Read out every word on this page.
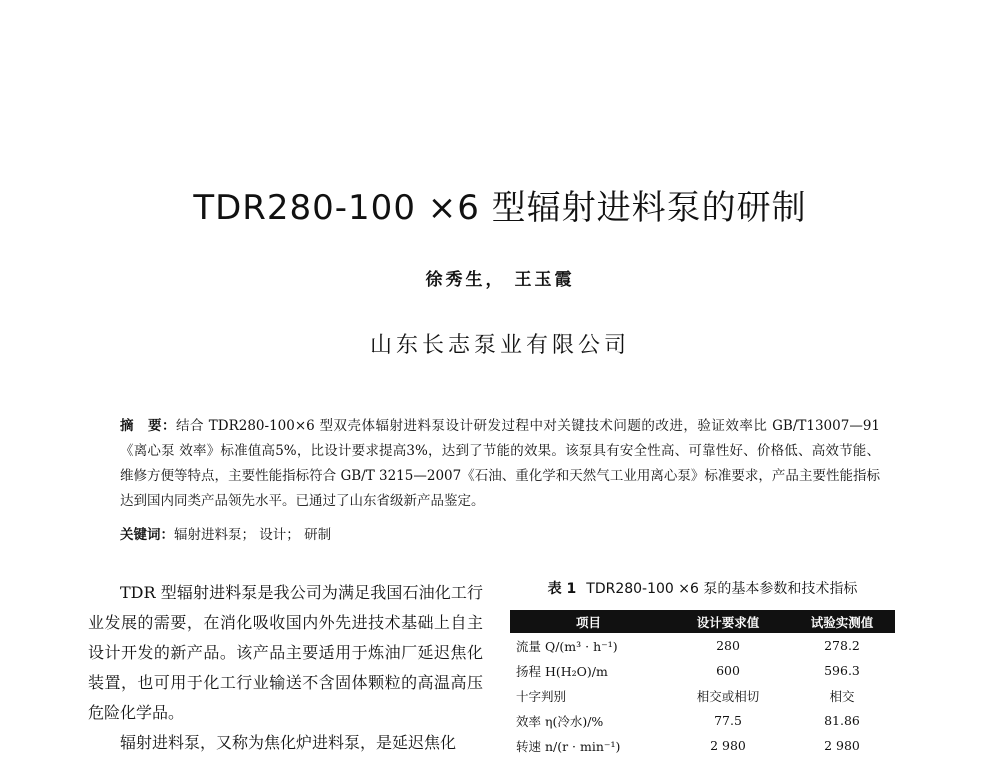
TDR280-100 ×6 型辐射进料泵的研制
徐秀生， 王玉霞
山东长志泵业有限公司
摘　要：结合 TDR280-100×6 型双壳体辐射进料泵设计研发过程中对关键技术问题的改进，验证效率比 GB/T13007—91《离心泵 效率》标准值高5%，比设计要求提高3%，达到了节能的效果。该泵具有安全性高、可靠性好、价格低、高效节能、维修方便等特点，主要性能指标符合 GB/T 3215—2007《石油、重化学和天然气工业用离心泵》标准要求，产品主要性能指标达到国内同类产品领先水平。已通过了山东省级新产品鉴定。
关键词：辐射进料泵； 设计； 研制

TDR 型辐射进料泵是我公司为满足我国石油化工行业发展的需要，在消化吸收国内外先进技术基础上自主设计开发的新产品。该产品主要适用于炼油厂延迟焦化装置，也可用于化工行业输送不含固体颗粒的高温高压危险化学品。

辐射进料泵，又称为焦化炉进料泵，是延迟焦化

表 1 TDR280-100 ×6 泵的基本参数和技术指标
项目	设计要求值	试验实测值
流量 Q/(m³ · h⁻¹)	280	278.2
扬程 H(H₂O)/m	600	596.3
十字判别	相交或相切	相交
效率 η(冷水)/%	77.5	81.86
转速 n/(r · min⁻¹)	2 980	2 980
